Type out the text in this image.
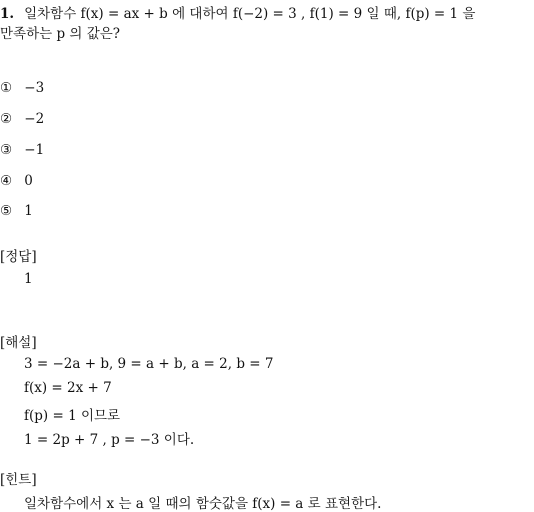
1. 일차함수 f(x) = ax + b 에 대하여 f(−2) = 3 , f(1) = 9 일 때, f(p) = 1 을
만족하는 p 의 값은?
① −3
② −2
③ −1
④ 0
⑤ 1
[정답]
1
[해설]
3 = −2a + b, 9 = a + b, a = 2, b = 7
f(x) = 2x + 7
f(p) = 1 이므로
1 = 2p + 7 , p = −3 이다.
[힌트]
일차함수에서 x 는 a 일 때의 함숫값을 f(x) = a 로 표현한다.
